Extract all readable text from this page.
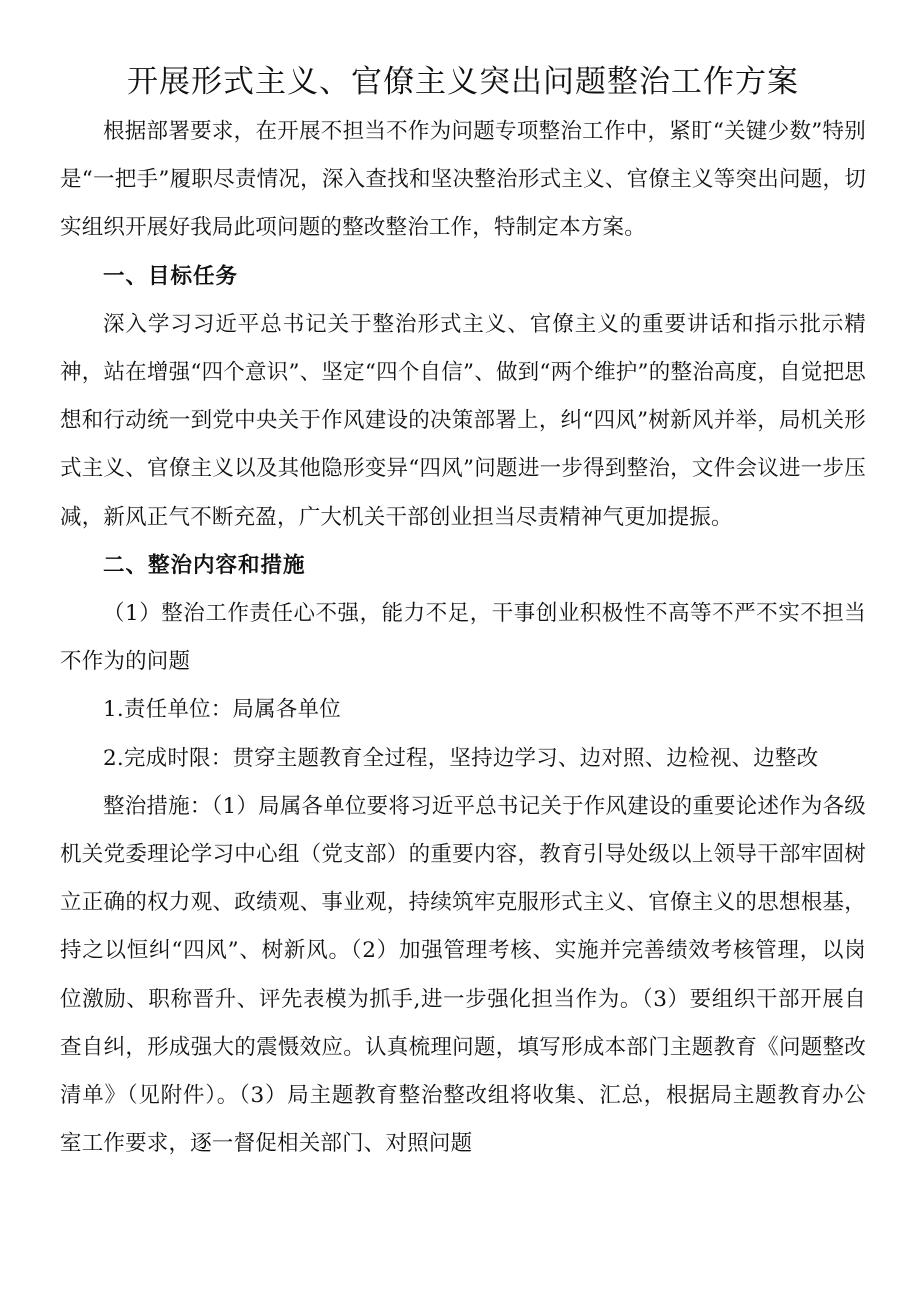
开展形式主义、官僚主义突出问题整治工作方案

根据部署要求，在开展不担当不作为问题专项整治工作中，紧盯“关键少数”特别是“一把手”履职尽责情况，深入查找和坚决整治形式主义、官僚主义等突出问题，切实组织开展好我局此项问题的整改整治工作，特制定本方案。

一、目标任务

深入学习习近平总书记关于整治形式主义、官僚主义的重要讲话和指示批示精神，站在增强“四个意识”、坚定“四个自信”、做到“两个维护”的整治高度，自觉把思想和行动统一到党中央关于作风建设的决策部署上，纠“四风”树新风并举，局机关形式主义、官僚主义以及其他隐形变异“四风”问题进一步得到整治，文件会议进一步压减，新风正气不断充盈，广大机关干部创业担当尽责精神气更加提振。

二、整治内容和措施

（1）整治工作责任心不强，能力不足，干事创业积极性不高等不严不实不担当不作为的问题

1.责任单位：局属各单位

2.完成时限：贯穿主题教育全过程，坚持边学习、边对照、边检视、边整改

整治措施：（1）局属各单位要将习近平总书记关于作风建设的重要论述作为各级机关党委理论学习中心组（党支部）的重要内容，教育引导处级以上领导干部牢固树立正确的权力观、政绩观、事业观，持续筑牢克服形式主义、官僚主义的思想根基，持之以恒纠“四风”、树新风。（2）加强管理考核、实施并完善绩效考核管理，以岗位激励、职称晋升、评先表模为抓手,进一步强化担当作为。（3）要组织干部开展自查自纠，形成强大的震慑效应。认真梳理问题，填写形成本部门主题教育《问题整改清单》（见附件）。（3）局主题教育整治整改组将收集、汇总，根据局主题教育办公室工作要求，逐一督促相关部门、对照问题
